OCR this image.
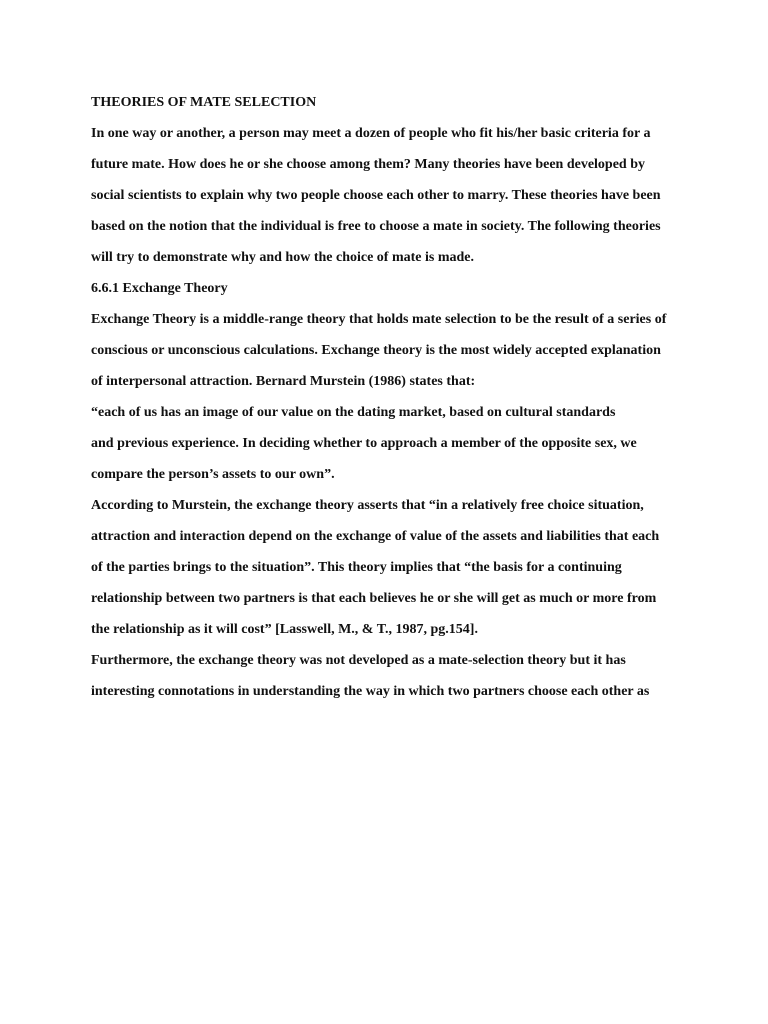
THEORIES OF MATE SELECTION
In one way or another, a person may meet a dozen of people who fit his/her basic criteria for a
future mate. How does he or she choose among them? Many theories have been developed by
social scientists to explain why two people choose each other to marry. These theories have been
based on the notion that the individual is free to choose a mate in society. The following theories
will try to demonstrate why and how the choice of mate is made.
6.6.1 Exchange Theory
Exchange Theory is a middle-range theory that holds mate selection to be the result of a series of
conscious or unconscious calculations. Exchange theory is the most widely accepted explanation
of interpersonal attraction. Bernard Murstein (1986) states that:
“each of us has an image of our value on the dating market, based on cultural standards
and previous experience. In deciding whether to approach a member of the opposite sex, we
compare the person’s assets to our own”.
According to Murstein, the exchange theory asserts that “in a relatively free choice situation,
attraction and interaction depend on the exchange of value of the assets and liabilities that each
of the parties brings to the situation”. This theory implies that “the basis for a continuing
relationship between two partners is that each believes he or she will get as much or more from
the relationship as it will cost” [Lasswell, M., & T., 1987, pg.154].
Furthermore, the exchange theory was not developed as a mate-selection theory but it has
interesting connotations in understanding the way in which two partners choose each other as
